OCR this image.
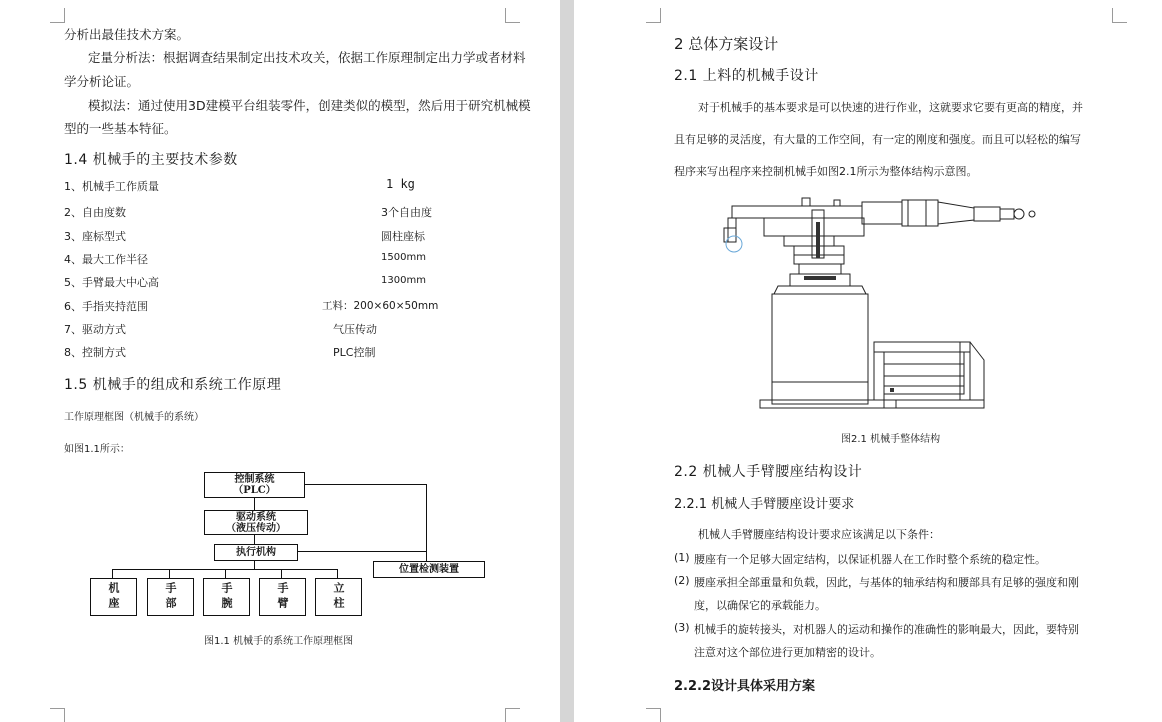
分析出最佳技术方案。
定量分析法：根据调查结果制定出技术攻关，依据工作原理制定出力学或者材料
学分析论证。
模拟法：通过使用3D建模平台组装零件，创建类似的模型，然后用于研究机械模
型的一些基本特征。
1.4 机械手的主要技术参数
1、机械手工作质量	1 kg
2、自由度数	3个自由度
3、座标型式	圆柱座标
4、最大工作半径	1500mm
5、手臂最大中心高	1300mm
6、手指夹持范围	工料：200×60×50mm
7、驱动方式	气压传动
8、控制方式	PLC控制
1.5 机械手的组成和系统工作原理
工作原理框图（机械手的系统）
如图1.1所示：
控制系统
（PLC）
驱动系统
（液压传动）
执行机构
位置检测装置
机座	手部	手腕	手臂	立柱
图1.1 机械手的系统工作原理框图
2 总体方案设计
2.1 上料的机械手设计
对于机械手的基本要求是可以快速的进行作业，这就要求它要有更高的精度，并
且有足够的灵活度，有大量的工作空间，有一定的刚度和强度。而且可以轻松的编写
程序来写出程序来控制机械手如图2.1所示为整体结构示意图。
图2.1 机械手整体结构
2.2 机械人手臂腰座结构设计
2.2.1 机械人手臂腰座设计要求
机械人手臂腰座结构设计要求应该满足以下条件：
(1) 腰座有一个足够大固定结构，以保证机器人在工作时整个系统的稳定性。
(2) 腰座承担全部重量和负载，因此，与基体的轴承结构和腰部具有足够的强度和刚
度，以确保它的承载能力。
(3) 机械手的旋转接头，对机器人的运动和操作的准确性的影响最大，因此，要特别
注意对这个部位进行更加精密的设计。
2.2.2设计具体采用方案
